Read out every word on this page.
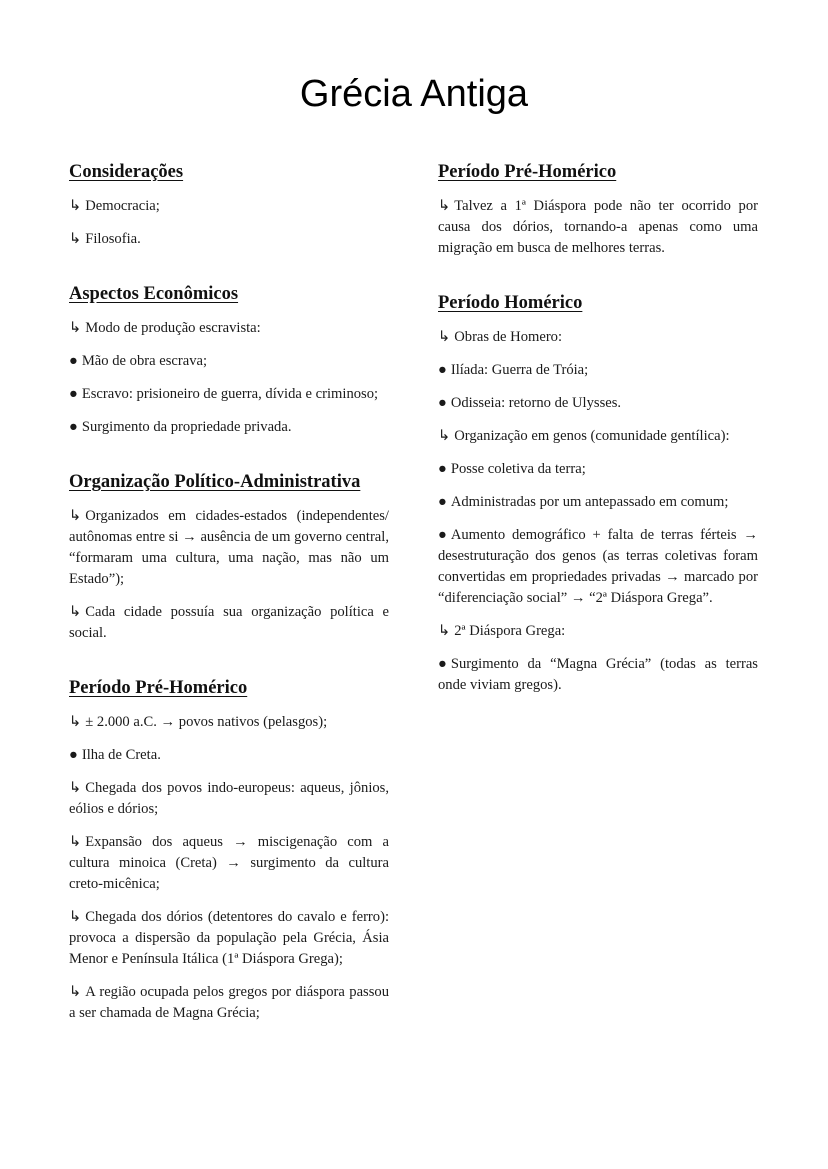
Grécia Antiga
Considerações

↳ Democracia;

↳ Filosofia.

Aspectos Econômicos

↳ Modo de produção escravista:

● Mão de obra escrava;

● Escravo: prisioneiro de guerra, dívida e criminoso;

● Surgimento da propriedade privada.

Organização Político-Administrativa

↳ Organizados em cidades-estados (independentes/ autônomas entre si → ausência de um governo central, “formaram uma cultura, uma nação, mas não um Estado”);

↳ Cada cidade possuía sua organização política e social.

Período Pré-Homérico

↳ ± 2.000 a.C. → povos nativos (pelasgos);

● Ilha de Creta.

↳ Chegada dos povos indo-europeus: aqueus, jônios, eólios e dórios;

↳ Expansão dos aqueus → miscigenação com a cultura minoica (Creta) → surgimento da cultura creto-micênica;

↳ Chegada dos dórios (detentores do cavalo e ferro): provoca a dispersão da população pela Grécia, Ásia Menor e Península Itálica (1ª Diáspora Grega);

↳ A região ocupada pelos gregos por diáspora passou a ser chamada de Magna Grécia;

Período Pré-Homérico

↳ Talvez a 1ª Diáspora pode não ter ocorrido por causa dos dórios, tornando-a apenas como uma migração em busca de melhores terras.

Período Homérico

↳ Obras de Homero:

● Ilíada: Guerra de Tróia;

● Odisseia: retorno de Ulysses.

↳ Organização em genos (comunidade gentílica):

● Posse coletiva da terra;

● Administradas por um antepassado em comum;

● Aumento demográfico + falta de terras férteis → desestruturação dos genos (as terras coletivas foram convertidas em propriedades privadas → marcado por “diferenciação social” → “2ª Diáspora Grega”.

↳ 2ª Diáspora Grega:

● Surgimento da “Magna Grécia” (todas as terras onde viviam gregos).
